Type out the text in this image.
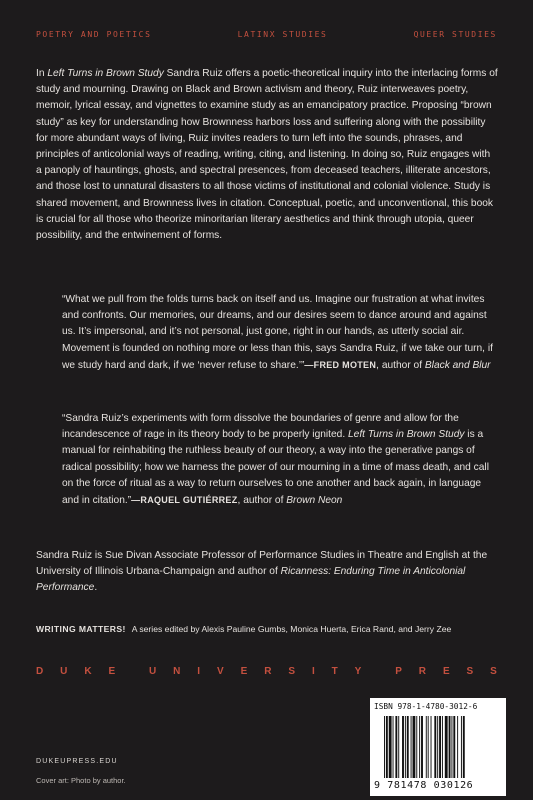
POETRY AND POETICS	LATINX STUDIES	QUEER STUDIES

In Left Turns in Brown Study Sandra Ruiz offers a poetic-theoretical inquiry into the interlacing forms of study and mourning. Drawing on Black and Brown activism and theory, Ruiz interweaves poetry, memoir, lyrical essay, and vignettes to examine study as an emancipatory practice. Proposing “brown study” as key for understanding how Brownness harbors loss and suffering along with the possibility for more abundant ways of living, Ruiz invites readers to turn left into the sounds, phrases, and principles of anticolonial ways of reading, writing, citing, and listening. In doing so, Ruiz engages with a panoply of hauntings, ghosts, and spectral presences, from deceased teachers, illiterate ancestors, and those lost to unnatural disasters to all those victims of institutional and colonial violence. Study is shared movement, and Brownness lives in citation. Conceptual, poetic, and unconventional, this book is crucial for all those who theorize minoritarian literary aesthetics and think through utopia, queer possibility, and the entwinement of forms.

“What we pull from the folds turns back on itself and us. Imagine our frustration at what invites and confronts. Our memories, our dreams, and our desires seem to dance around and against us. It’s impersonal, and it’s not personal, just gone, right in our hands, as utterly social air. Movement is founded on nothing more or less than this, says Sandra Ruiz, if we take our turn, if we study hard and dark, if we ‘never refuse to share.’”—FRED MOTEN, author of Black and Blur

“Sandra Ruiz’s experiments with form dissolve the boundaries of genre and allow for the incandescence of rage in its theory body to be properly ignited. Left Turns in Brown Study is a manual for reinhabiting the ruthless beauty of our theory, a way into the generative pangs of radical possibility; how we harness the power of our mourning in a time of mass death, and call on the force of ritual as a way to return ourselves to one another and back again, in language and in citation.”—RAQUEL GUTIÉRREZ, author of Brown Neon

Sandra Ruiz is Sue Divan Associate Professor of Performance Studies in Theatre and English at the University of Illinois Urbana-Champaign and author of Ricanness: Enduring Time in Anticolonial Performance.

WRITING MATTERS! A series edited by Alexis Pauline Gumbs, Monica Huerta, Erica Rand, and Jerry Zee
D U K E	U N I V E R S I T Y	P R E S S
DUKEUPRESS.EDU
Cover art: Photo by author.
ISBN 978-1-4780-3012-6
9 781478 030126
